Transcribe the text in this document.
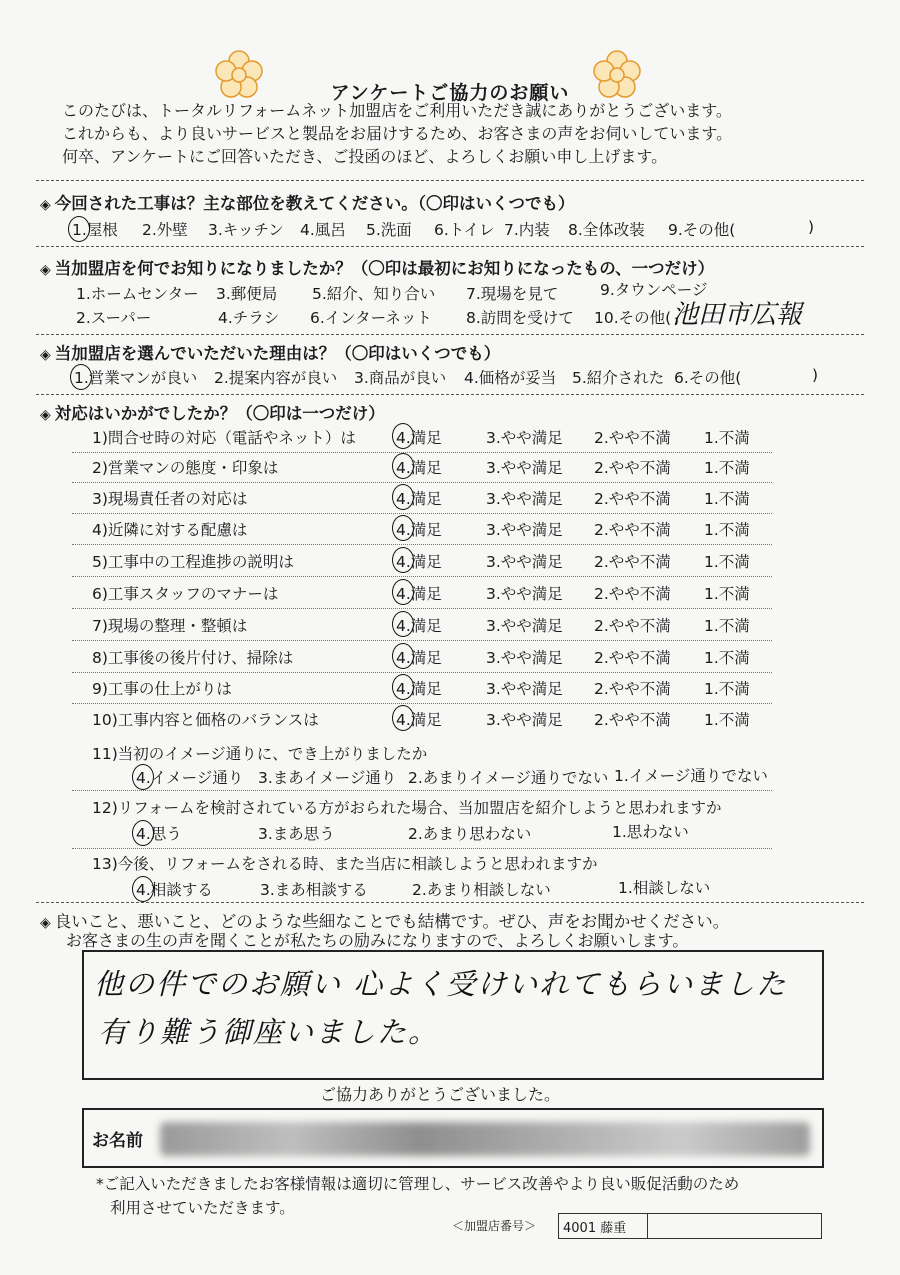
アンケートご協力のお願い
このたびは、トータルリフォームネット加盟店をご利用いただき誠にありがとうございます。
これからも、より良いサービスと製品をお届けするため、お客さまの声をお伺いしています。
何卒、アンケートにご回答いただき、ご投函のほど、よろしくお願い申し上げます。
◈ 今回された工事は？主な部位を教えてください。（〇印はいくつでも）
1.屋根 2.外壁 3.キッチン 4.風呂 5.洗面 6.トイレ 7.内装 8.全体改装 9.その他(	)
◈ 当加盟店を何でお知りになりましたか？（〇印は最初にお知りになったもの、一つだけ）
1.ホームセンター 3.郵便局 5.紹介、知り合い 7.現場を見て	9.タウンページ
2.スーパー	4.チラシ 6.インターネット 8.訪問を受けて 10.その他( 池田市広報
◈ 当加盟店を選んでいただいた理由は？（〇印はいくつでも）
1.営業マンが良い 2.提案内容が良い 3.商品が良い 4.価格が妥当 5.紹介された 6.その他(	)
◈ 対応はいかがでしたか？（〇印は一つだけ）
1)問合せ時の対応（電話やネット）は	4.満足	3.やや満足 2.やや不満 1.不満
2)営業マンの態度・印象は	4.満足	3.やや満足 2.やや不満 1.不満
3)現場責任者の対応は	4.満足	3.やや満足 2.やや不満 1.不満
4)近隣に対する配慮は	4.満足	3.やや満足 2.やや不満 1.不満
5)工事中の工程進捗の説明は	4.満足	3.やや満足 2.やや不満 1.不満
6)工事スタッフのマナーは	4.満足	3.やや満足 2.やや不満 1.不満
7)現場の整理・整頓は	4.満足	3.やや満足 2.やや不満 1.不満
8)工事後の後片付け、掃除は	4.満足	3.やや満足 2.やや不満 1.不満
9)工事の仕上がりは	4.満足	3.やや満足 2.やや不満 1.不満
10)工事内容と価格のバランスは	4.満足	3.やや満足 2.やや不満 1.不満
11)当初のイメージ通りに、でき上がりましたか
4.イメージ通り 3.まあイメージ通り 2.あまりイメージ通りでない 1.イメージ通りでない
12)リフォームを検討されている方がおられた場合、当加盟店を紹介しようと思われますか
4.思う	3.まあ思う	2.あまり思わない	1.思わない
13)今後、リフォームをされる時、また当店に相談しようと思われますか
4.相談する	3.まあ相談する	2.あまり相談しない	1.相談しない
◈ 良いこと、悪いこと、どのような些細なことでも結構です。ぜひ、声をお聞かせください。
お客さまの生の声を聞くことが私たちの励みになりますので、よろしくお願いします。
他の件でのお願い 心よく受けいれてもらいました
有り難う御座いました。
ご協力ありがとうございました。
お名前
*ご記入いただきましたお客様情報は適切に管理し、サービス改善やより良い販促活動のため
利用させていただきます。
＜加盟店番号＞ 4001 藤重
